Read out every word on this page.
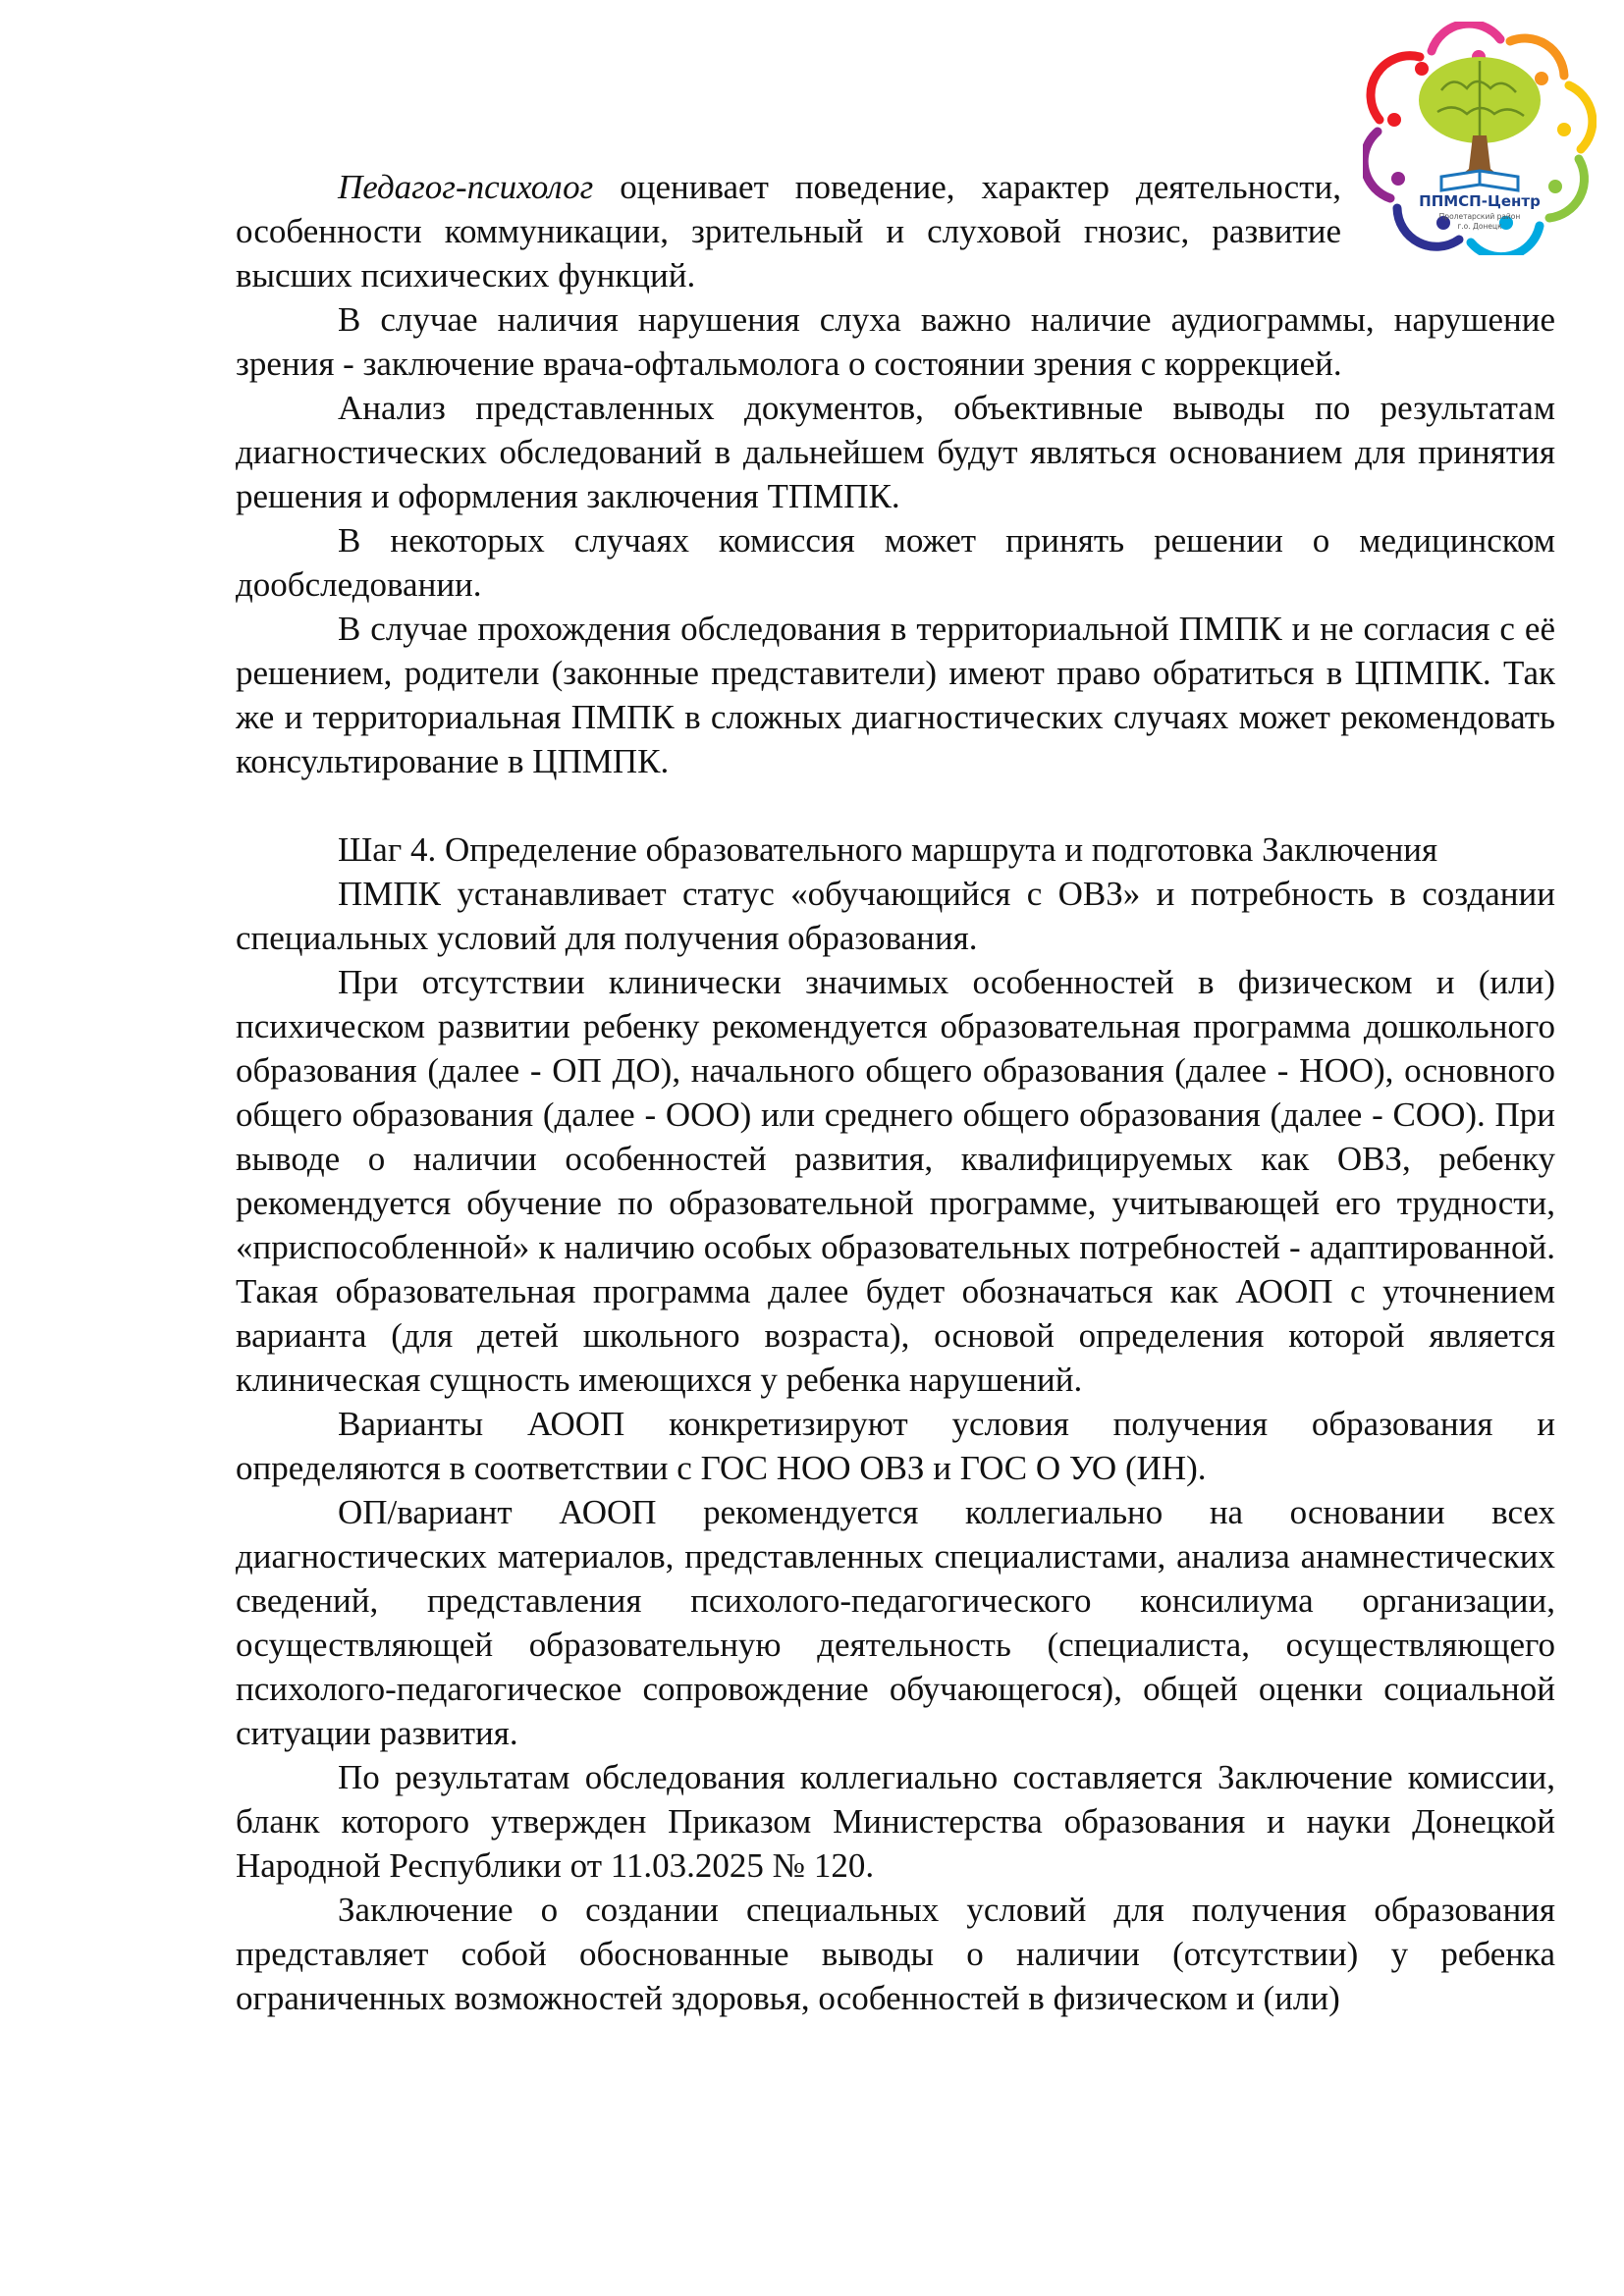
ППМСП-Центр
Пролетарский район
г.о. Донецк

Педагог-психолог оценивает поведение, характер деятельности, особенности коммуникации, зрительный и слуховой гнозис, развитие высших психических функций.

В случае наличия нарушения слуха важно наличие аудиограммы, нарушение зрения - заключение врача-офтальмолога о состоянии зрения с коррекцией.

Анализ представленных документов, объективные выводы по результатам диагностических обследований в дальнейшем будут являться основанием для принятия решения и оформления заключения ТПМПК.

В некоторых случаях комиссия может принять решении о медицинском дообследовании.

В случае прохождения обследования в территориальной ПМПК и не согласия с её решением, родители (законные представители) имеют право обратиться в ЦПМПК. Так же и территориальная ПМПК в сложных диагностических случаях может рекомендовать консультирование в ЦПМПК.

Шаг 4. Определение образовательного маршрута и подготовка Заключения

ПМПК устанавливает статус «обучающийся с ОВЗ» и потребность в создании специальных условий для получения образования.

При отсутствии клинически значимых особенностей в физическом и (или) психическом развитии ребенку рекомендуется образовательная программа дошкольного образования (далее - ОП ДО), начального общего образования (далее - НОО), основного общего образования (далее - ООО) или среднего общего образования (далее - СОО). При выводе о наличии особенностей развития, квалифицируемых как ОВЗ, ребенку рекомендуется обучение по образовательной программе, учитывающей его трудности, «приспособленной» к наличию особых образовательных потребностей - адаптированной. Такая образовательная программа далее будет обозначаться как АООП с уточнением варианта (для детей школьного возраста), основой определения которой является клиническая сущность имеющихся у ребенка нарушений.

Варианты АООП конкретизируют условия получения образования и определяются в соответствии с ГОС НОО ОВЗ и ГОС О УО (ИН).

ОП/вариант АООП рекомендуется коллегиально на основании всех диагностических материалов, представленных специалистами, анализа анамнестических сведений, представления психолого-педагогического консилиума организации, осуществляющей образовательную деятельность (специалиста, осуществляющего психолого-педагогическое сопровождение обучающегося), общей оценки социальной ситуации развития.

По результатам обследования коллегиально составляется Заключение комиссии, бланк которого утвержден Приказом Министерства образования и науки Донецкой Народной Республики от 11.03.2025 № 120.

Заключение о создании специальных условий для получения образования представляет собой обоснованные выводы о наличии (отсутствии) у ребенка ограниченных возможностей здоровья, особенностей в физическом и (или)
